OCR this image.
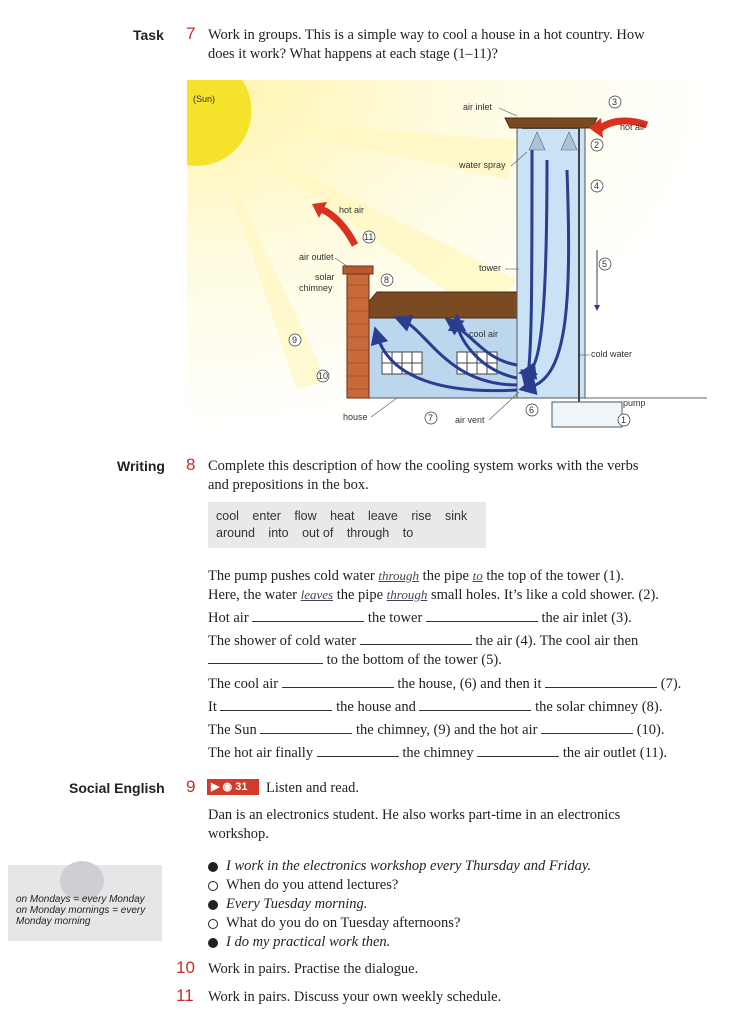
Task 7 Work in groups. This is a simple way to cool a house in a hot country. How
does it work? What happens at each stage (1–11)?
(Sun)
air inlet
hot air
water spray
hot air
air outlet
solar
chimney
tower
cool air
cold water
pump
house	air vent
3
2
4
5
11
8
9
10
7
6
1
Writing 8 Complete this description of how the cooling system works with the verbs
and prepositions in the box.
cool enter flow heat leave rise sink
around into out of through to
The pump pushes cold water through the pipe to the top of the tower (1).
Here, the water leaves the pipe through small holes. It’s like a cold shower. (2).
Hot air	the tower	the air inlet (3).
The shower of cold water	the air (4). The cool air then
to the bottom of the tower (5).
The cool air	the house, (6) and then it	(7).
It	the house and	the solar chimney (8).
The Sun	the chimney, (9) and the hot air	(10).
The hot air finally	the chimney	the air outlet (11).
Social English 9	▶ ◉ 31	Listen and read.
Dan is an electronics student. He also works part-time in an electronics
workshop.
I work in the electronics workshop every Thursday and Friday.
When do you attend lectures?
Every Tuesday morning.
What do you do on Tuesday afternoons?
I do my practical work then.
on Mondays = every Monday
on Monday mornings = every
Monday morning
10 Work in pairs. Practise the dialogue.
11 Work in pairs. Discuss your own weekly schedule.
